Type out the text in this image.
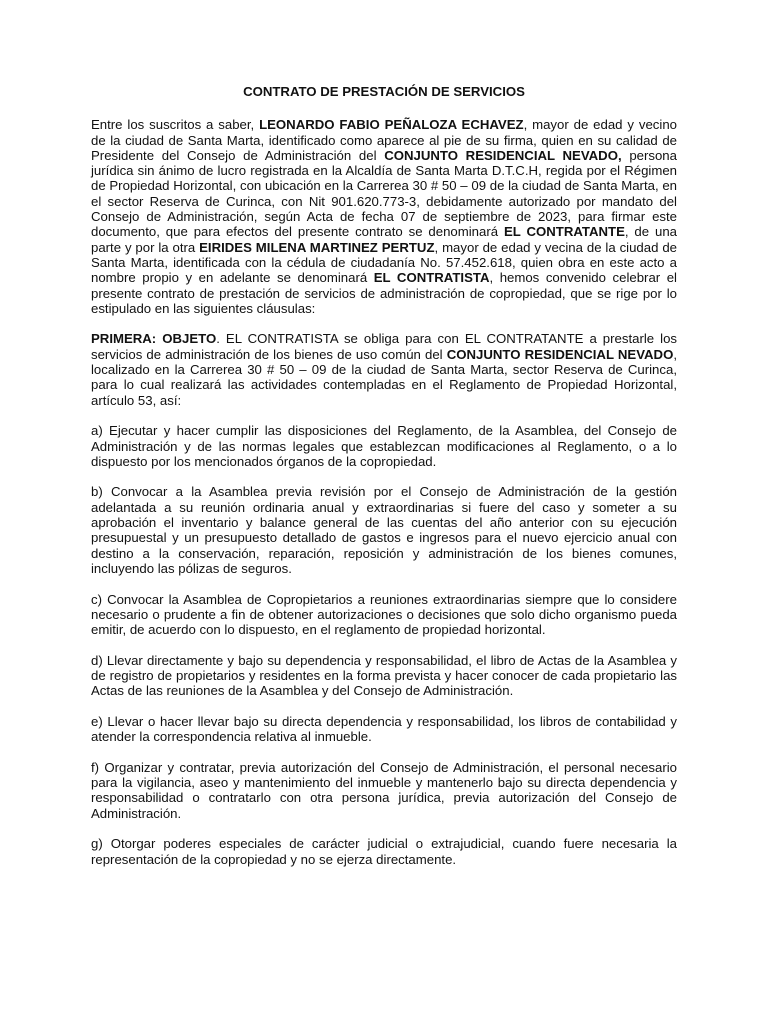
CONTRATO DE PRESTACIÓN DE SERVICIOS

Entre los suscritos a saber, LEONARDO FABIO PEÑALOZA ECHAVEZ, mayor de edad y vecino de la ciudad de Santa Marta, identificado como aparece al pie de su firma, quien en su calidad de Presidente del Consejo de Administración del CONJUNTO RESIDENCIAL NEVADO, persona jurídica sin ánimo de lucro registrada en la Alcaldía de Santa Marta D.T.C.H, regida por el Régimen de Propiedad Horizontal, con ubicación en la Carrerea 30 # 50 – 09 de la ciudad de Santa Marta, en el sector Reserva de Curinca, con Nit 901.620.773-3, debidamente autorizado por mandato del Consejo de Administración, según Acta de fecha 07 de septiembre de 2023, para firmar este documento, que para efectos del presente contrato se denominará EL CONTRATANTE, de una parte y por la otra EIRIDES MILENA MARTINEZ PERTUZ, mayor de edad y vecina de la ciudad de Santa Marta, identificada con la cédula de ciudadanía No. 57.452.618, quien obra en este acto a nombre propio y en adelante se denominará EL CONTRATISTA, hemos convenido celebrar el presente contrato de prestación de servicios de administración de copropiedad, que se rige por lo estipulado en las siguientes cláusulas:

PRIMERA: OBJETO. EL CONTRATISTA se obliga para con EL CONTRATANTE a prestarle los servicios de administración de los bienes de uso común del CONJUNTO RESIDENCIAL NEVADO, localizado en la Carrerea 30 # 50 – 09 de la ciudad de Santa Marta, sector Reserva de Curinca, para lo cual realizará las actividades contempladas en el Reglamento de Propiedad Horizontal, artículo 53, así:

a) Ejecutar y hacer cumplir las disposiciones del Reglamento, de la Asamblea, del Consejo de Administración y de las normas legales que establezcan modificaciones al Reglamento, o a lo dispuesto por los mencionados órganos de la copropiedad.

b) Convocar a la Asamblea previa revisión por el Consejo de Administración de la gestión adelantada a su reunión ordinaria anual y extraordinarias si fuere del caso y someter a su aprobación el inventario y balance general de las cuentas del año anterior con su ejecución presupuestal y un presupuesto detallado de gastos e ingresos para el nuevo ejercicio anual con destino a la conservación, reparación, reposición y administración de los bienes comunes, incluyendo las pólizas de seguros.

c) Convocar la Asamblea de Copropietarios a reuniones extraordinarias siempre que lo considere necesario o prudente a fin de obtener autorizaciones o decisiones que solo dicho organismo pueda emitir, de acuerdo con lo dispuesto, en el reglamento de propiedad horizontal.

d) Llevar directamente y bajo su dependencia y responsabilidad, el libro de Actas de la Asamblea y de registro de propietarios y residentes en la forma prevista y hacer conocer de cada propietario las Actas de las reuniones de la Asamblea y del Consejo de Administración.

e) Llevar o hacer llevar bajo su directa dependencia y responsabilidad, los libros de contabilidad y atender la correspondencia relativa al inmueble.

f) Organizar y contratar, previa autorización del Consejo de Administración, el personal necesario para la vigilancia, aseo y mantenimiento del inmueble y mantenerlo bajo su directa dependencia y responsabilidad o contratarlo con otra persona jurídica, previa autorización del Consejo de Administración.

g) Otorgar poderes especiales de carácter judicial o extrajudicial, cuando fuere necesaria la representación de la copropiedad y no se ejerza directamente.
